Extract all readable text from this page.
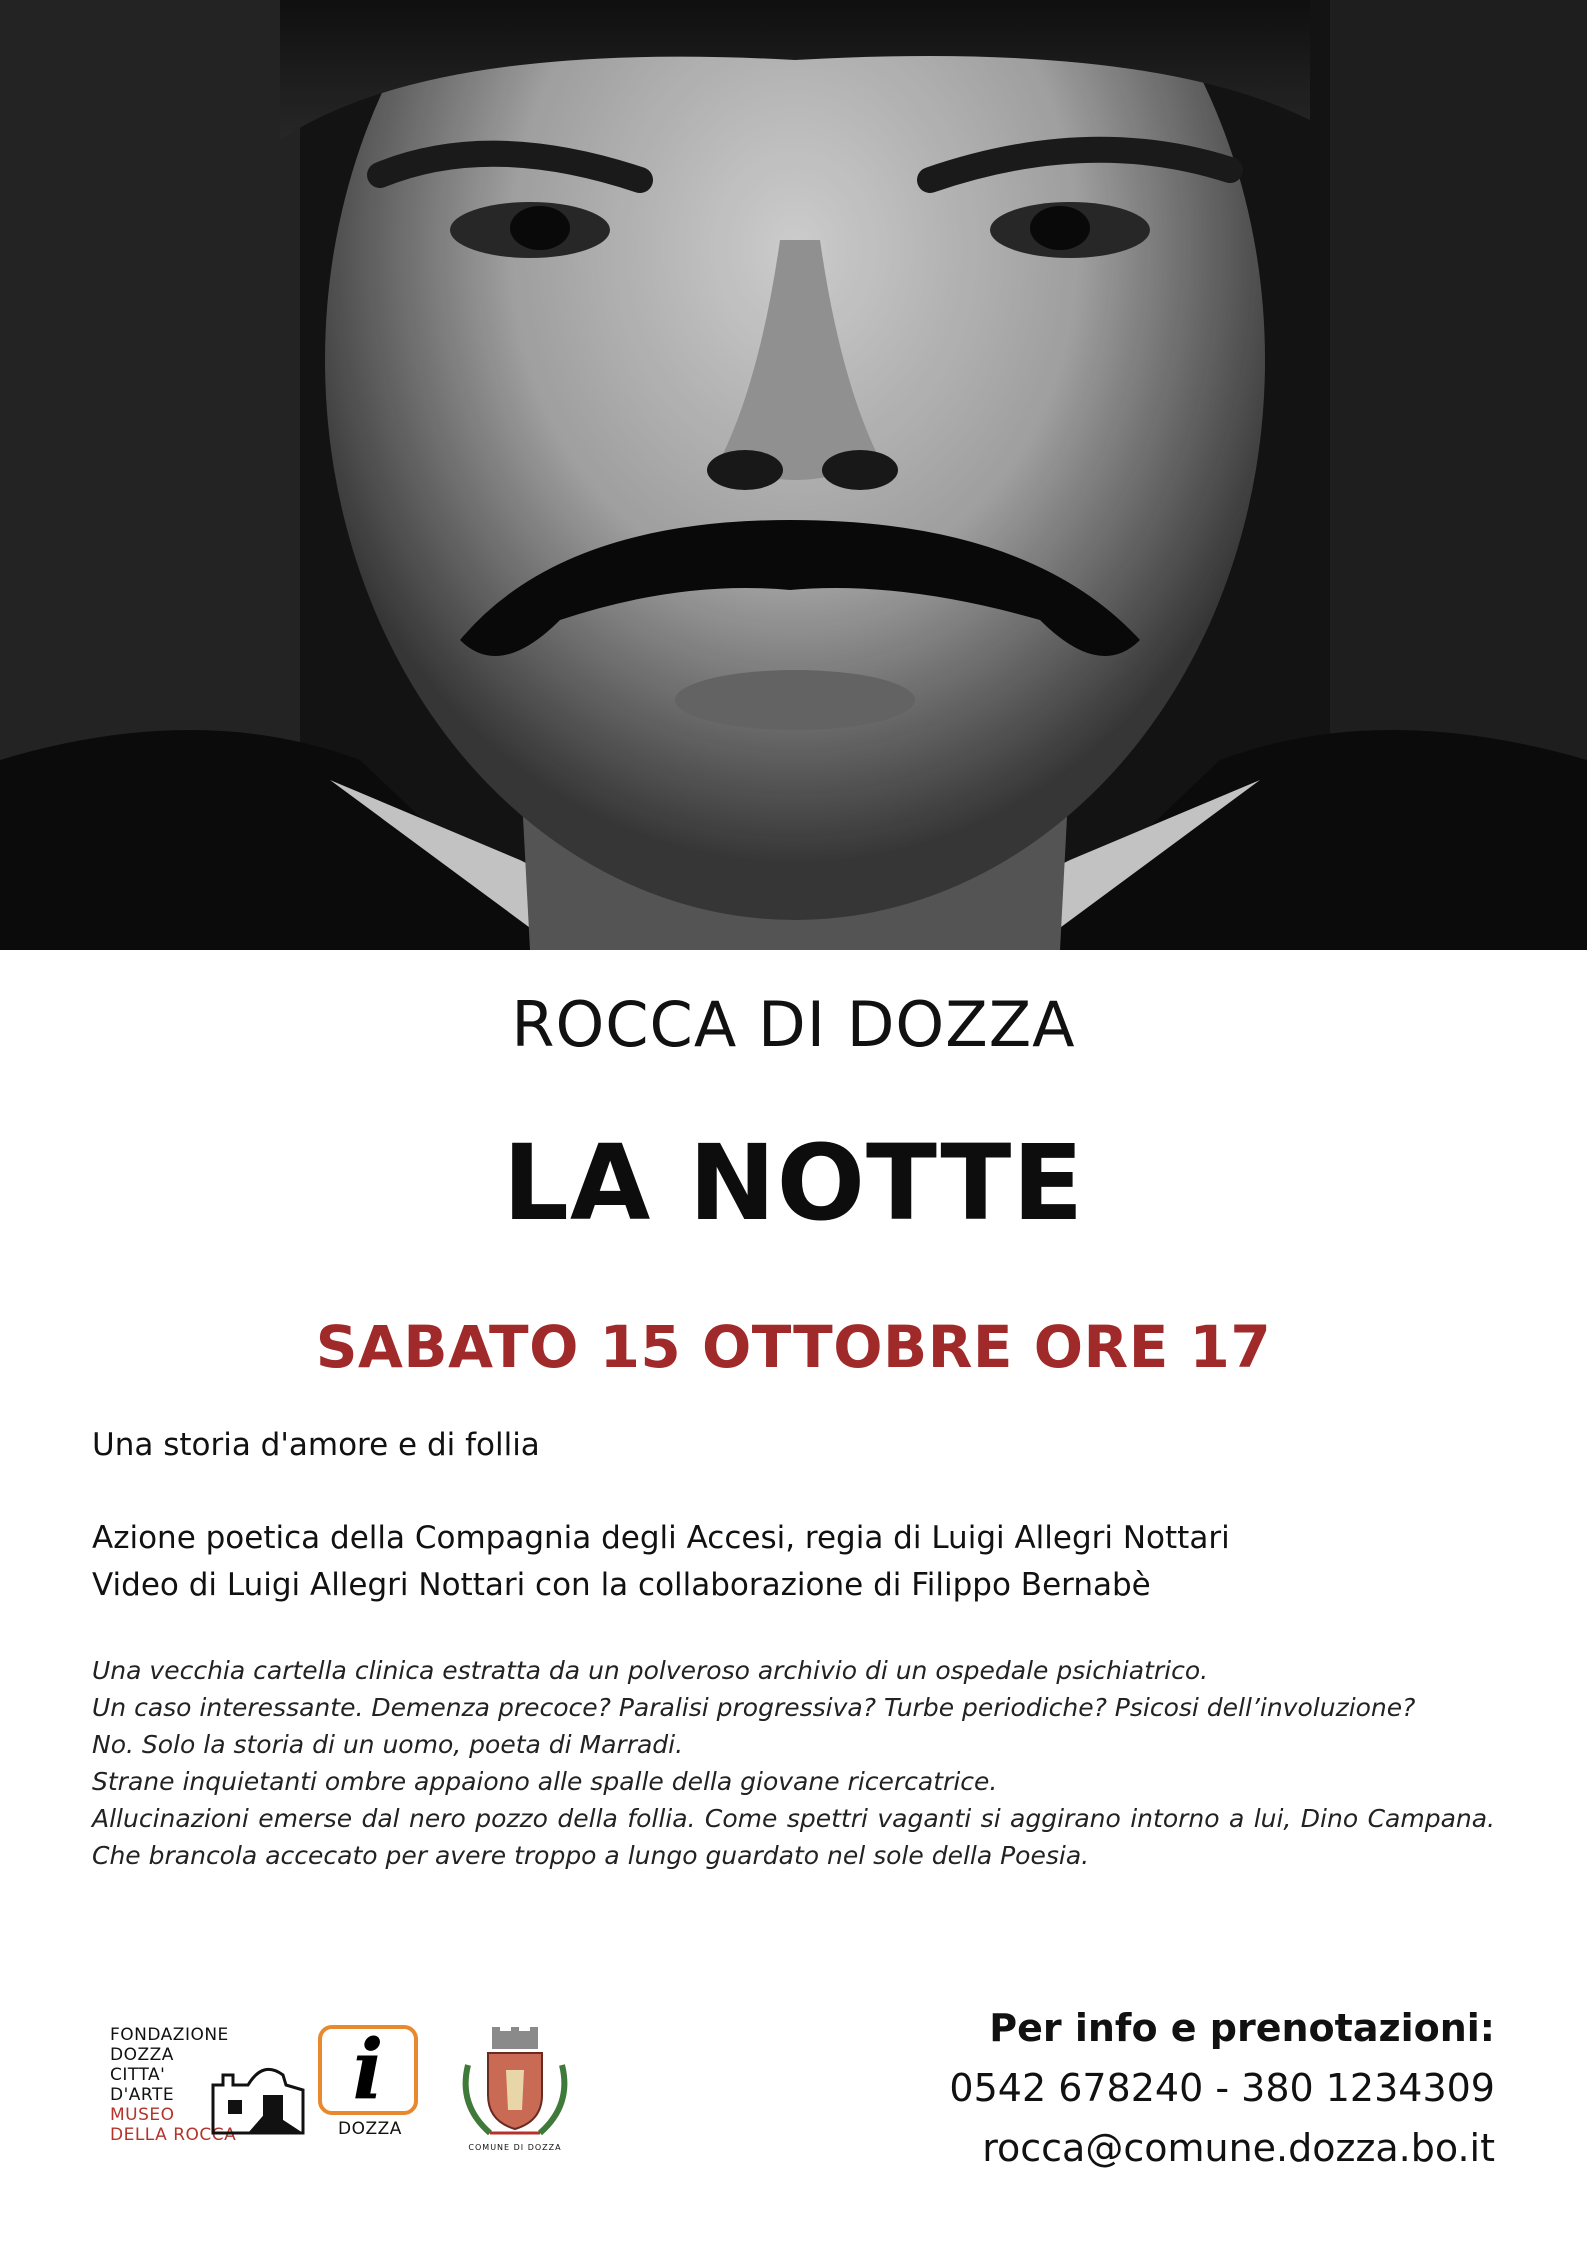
ROCCA DI DOZZA
LA NOTTE
SABATO 15 OTTOBRE ORE 17
Una storia d'amore e di follia
Azione poetica della Compagnia degli Accesi, regia di Luigi Allegri Nottari
Video di Luigi Allegri Nottari con la collaborazione di Filippo Bernabè

Una vecchia cartella clinica estratta da un polveroso archivio di un ospedale psichiatrico.

Un caso interessante. Demenza precoce? Paralisi progressiva? Turbe periodiche? Psicosi dell’involuzione?

No. Solo la storia di un uomo, poeta di Marradi.

Strane inquietanti ombre appaiono alle spalle della giovane ricercatrice.

Allucinazioni emerse dal nero pozzo della follia. Come spettri vaganti si aggirano intorno a lui, Dino Campana. Che brancola accecato per avere troppo a lungo guardato nel sole della Poesia.

FONDAZIONE
DOZZA
CITTA'
D'ARTE
MUSEO
DELLA ROCCA
i
DOZZA
COMUNE DI DOZZA
Per info e prenotazioni:
0542 678240 - 380 1234309
rocca@comune.dozza.bo.it
